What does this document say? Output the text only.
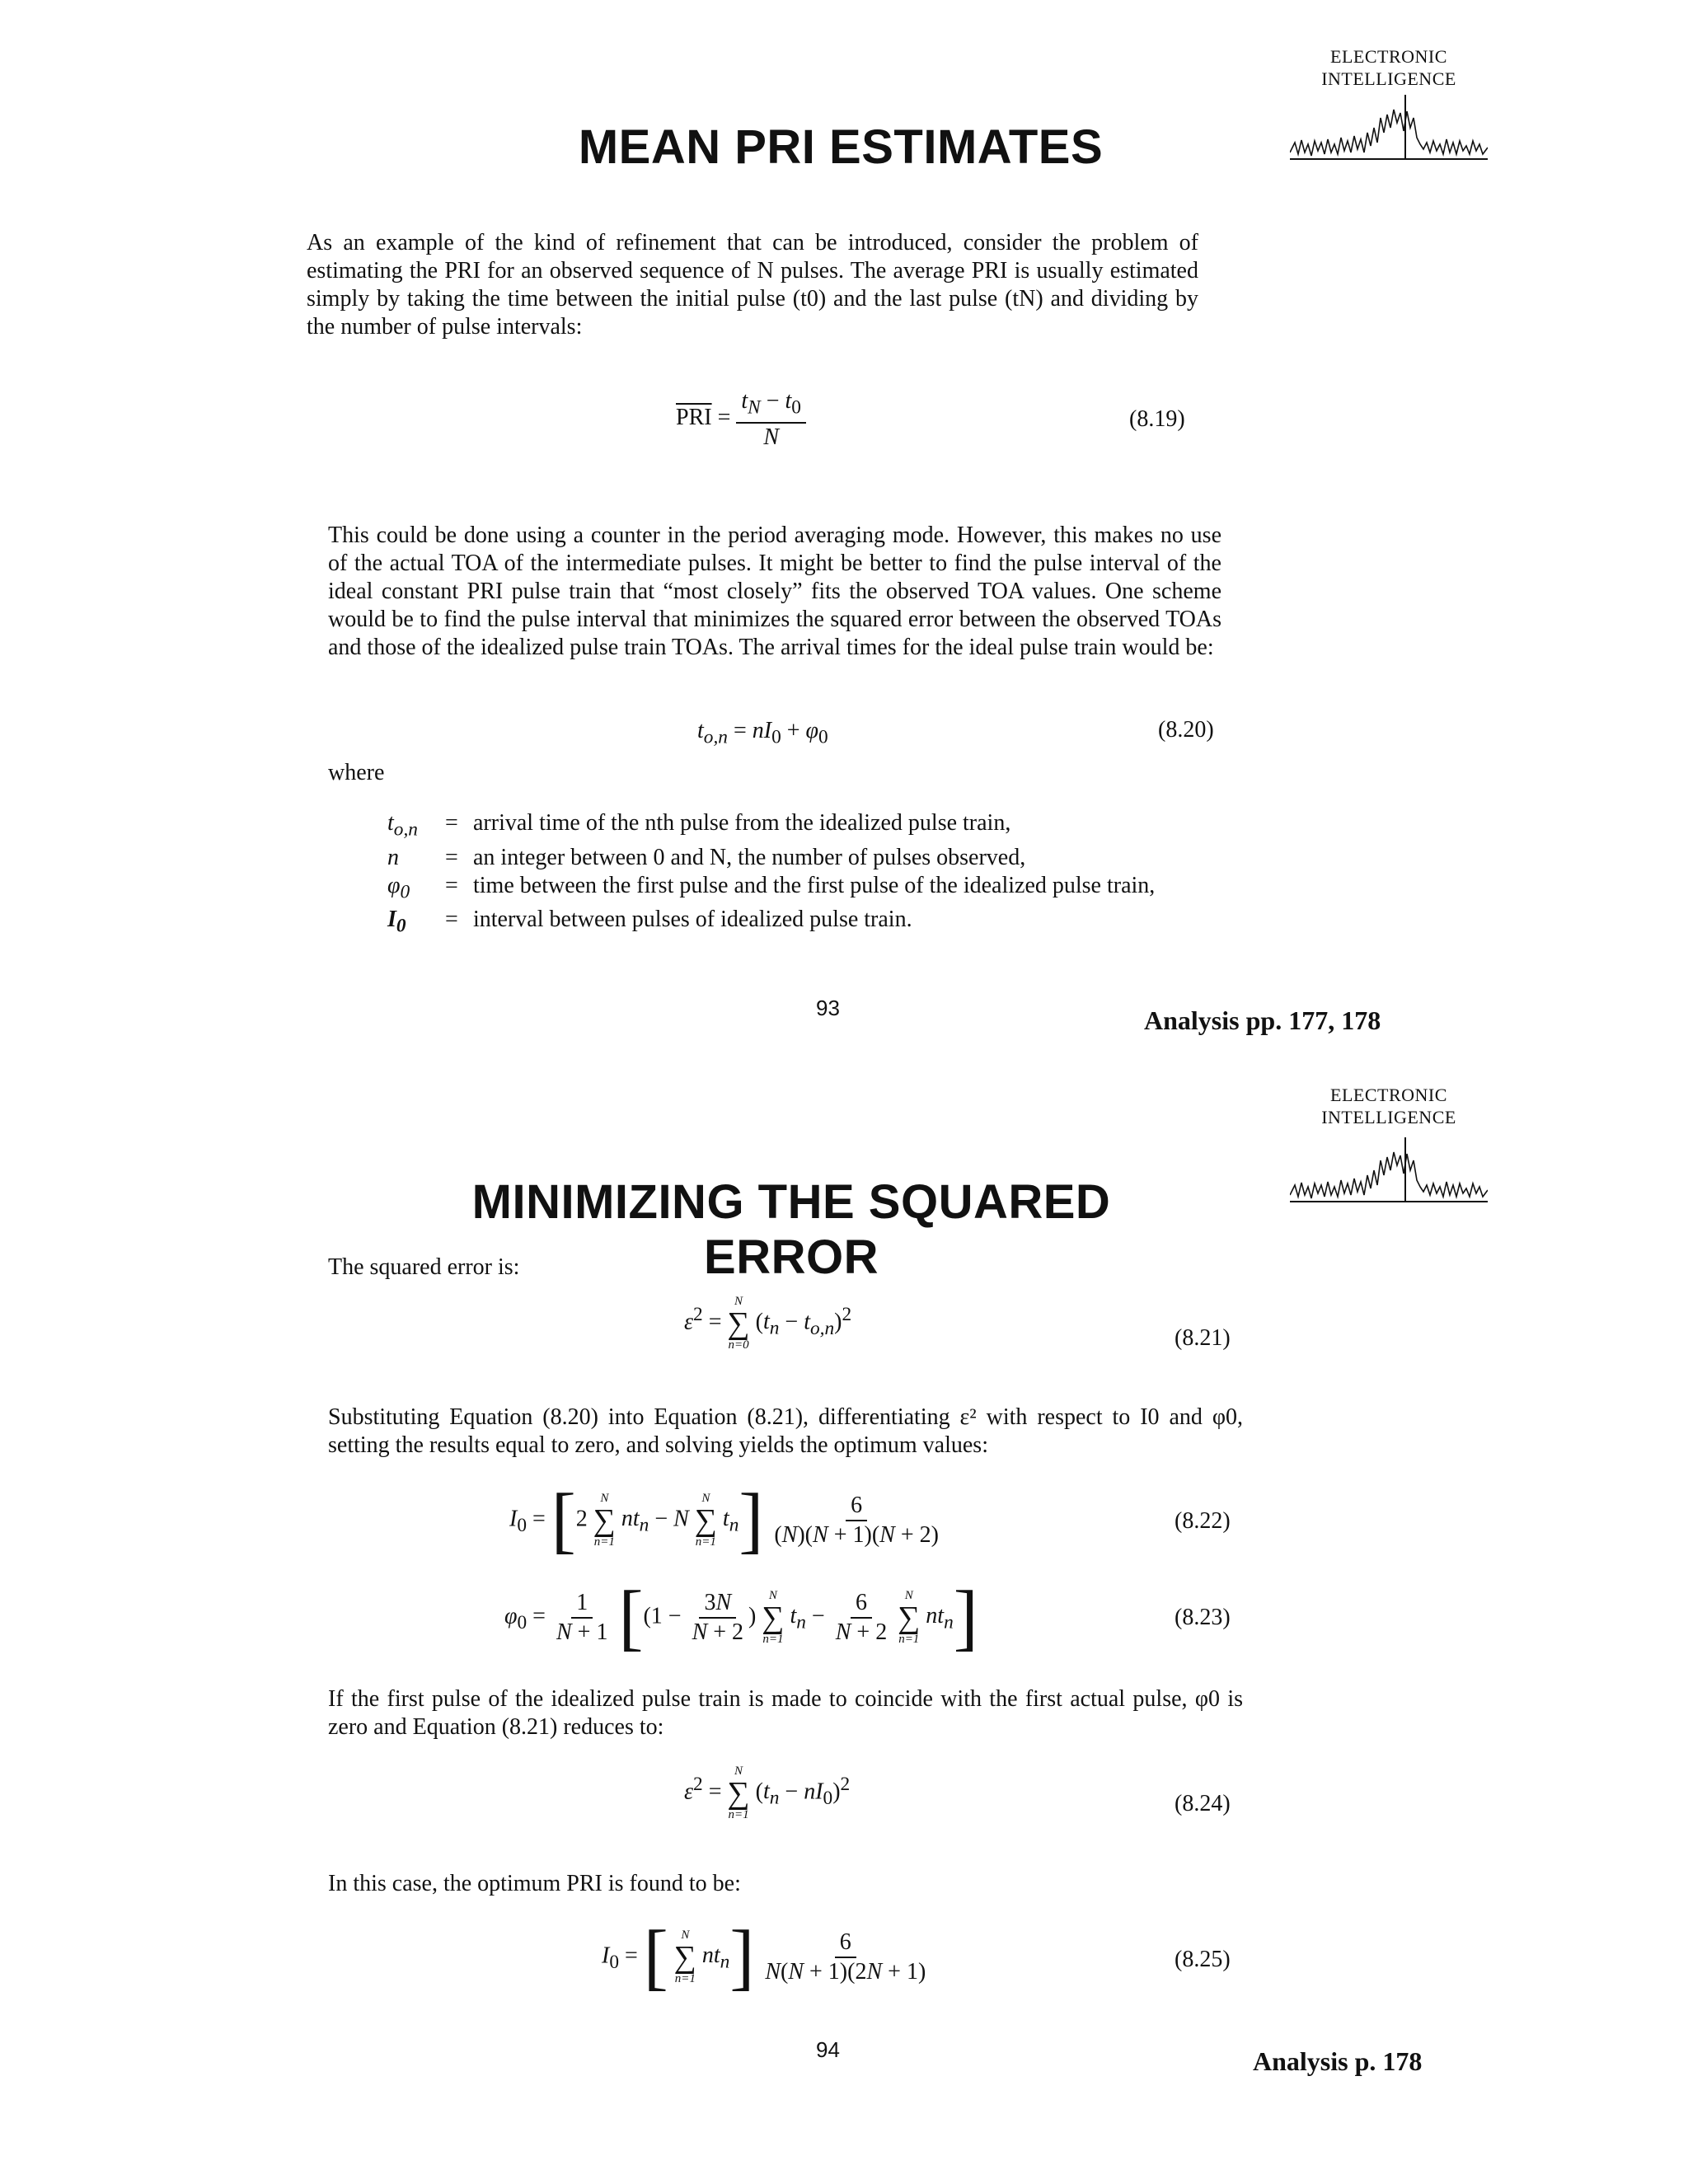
ELECTRONIC
INTELLIGENCE
MEAN PRI ESTIMATES
As an example of the kind of refinement that can be introduced, consider the problem of estimating the PRI for an observed sequence of N pulses. The average PRI is usually estimated simply by taking the time between the initial pulse (t0) and the last pulse (tN) and dividing by the number of pulse intervals:
$\overline{PRI} = \frac{t_N - t_0}{N}$	(8.19)
This could be done using a counter in the period averaging mode. However, this makes no use of the actual TOA of the intermediate pulses. It might be better to find the pulse interval of the ideal constant PRI pulse train that “most closely” fits the observed TOA values. One scheme would be to find the pulse interval that minimizes the squared error between the observed TOAs and those of the idealized pulse train TOAs. The arrival times for the ideal pulse train would be:
$t_{o,n} = nI_0 + \varphi_0$	(8.20)
where
$t_{o,n}$	= arrival time of the nth pulse from the idealized pulse train,
n	= an integer between 0 and N, the number of pulses observed,
$\varphi_0$	= time between the first pulse and the first pulse of the idealized pulse train,
$I_0$	= interval between pulses of idealized pulse train.
93	Analysis pp. 177, 178
ELECTRONIC
INTELLIGENCE
MINIMIZING THE SQUARED ERROR
The squared error is:
$\varepsilon^2$ =
N
∑
n=0
$(t_n - t_{o,n})^2$
(8.21)
Substituting Equation (8.20) into Equation (8.21), differentiating ε² with respect to I0 and φ0, setting the results equal to zero, and solving yields the optimum values:
$I_0 = [2$
N
∑
n=1
$nt_n - N$
N
∑
n=1
$t_n] \frac{6}{(N)(N + 1)(N + 2)}$	(8.22)
$\varphi_0 = \frac{1}{N + 1} [(1 - \frac{3N}{N + 2}$ )
N
∑
n=1
$t_n - \frac{6}{N + 2}$
N
∑
n=1
$nt_n$]	(8.23)
If the first pulse of the idealized pulse train is made to coincide with the first actual pulse, φ0 is zero and Equation (8.21) reduces to:
$\varepsilon^2$ =
N
∑
n=1
$(t_n - nI_0)^2$
(8.24)
In this case, the optimum PRI is found to be:
$I_0$ = [ N
∑
n=1
$nt_n] \frac{6}{N(N + 1)(2N + 1)}$	(8.25)
94	Analysis p. 178
